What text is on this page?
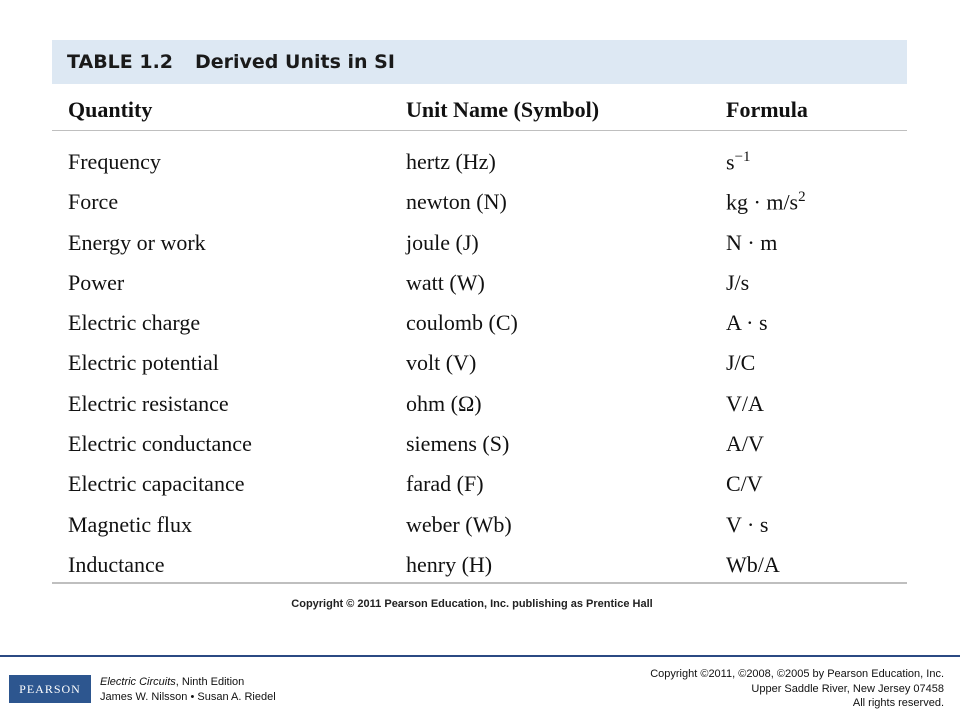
TABLE 1.2	Derived Units in SI
Quantity	Unit Name (Symbol)	Formula
Frequency	hertz (Hz)	$s^{-1}$
Force	newton (N)	kg · $m/s^2$
Energy or work	joule (J)	N · m
Power	watt (W)	J/s
Electric charge	coulomb (C)	A · s
Electric potential	volt (V)	J/C
Electric resistance	ohm (Ω)	V/A
Electric conductance	siemens (S)	A/V
Electric capacitance	farad (F)	C/V
Magnetic flux	weber (Wb)	V · s
Inductance	henry (H)	Wb/A
Copyright © 2011 Pearson Education, Inc. publishing as Prentice Hall
PEARSON Electric Circuits, Ninth Edition
James W. Nilsson • Susan A. Riedel
Copyright ©2011, ©2008, ©2005 by Pearson Education, Inc.
Upper Saddle River, New Jersey 07458
All rights reserved.
